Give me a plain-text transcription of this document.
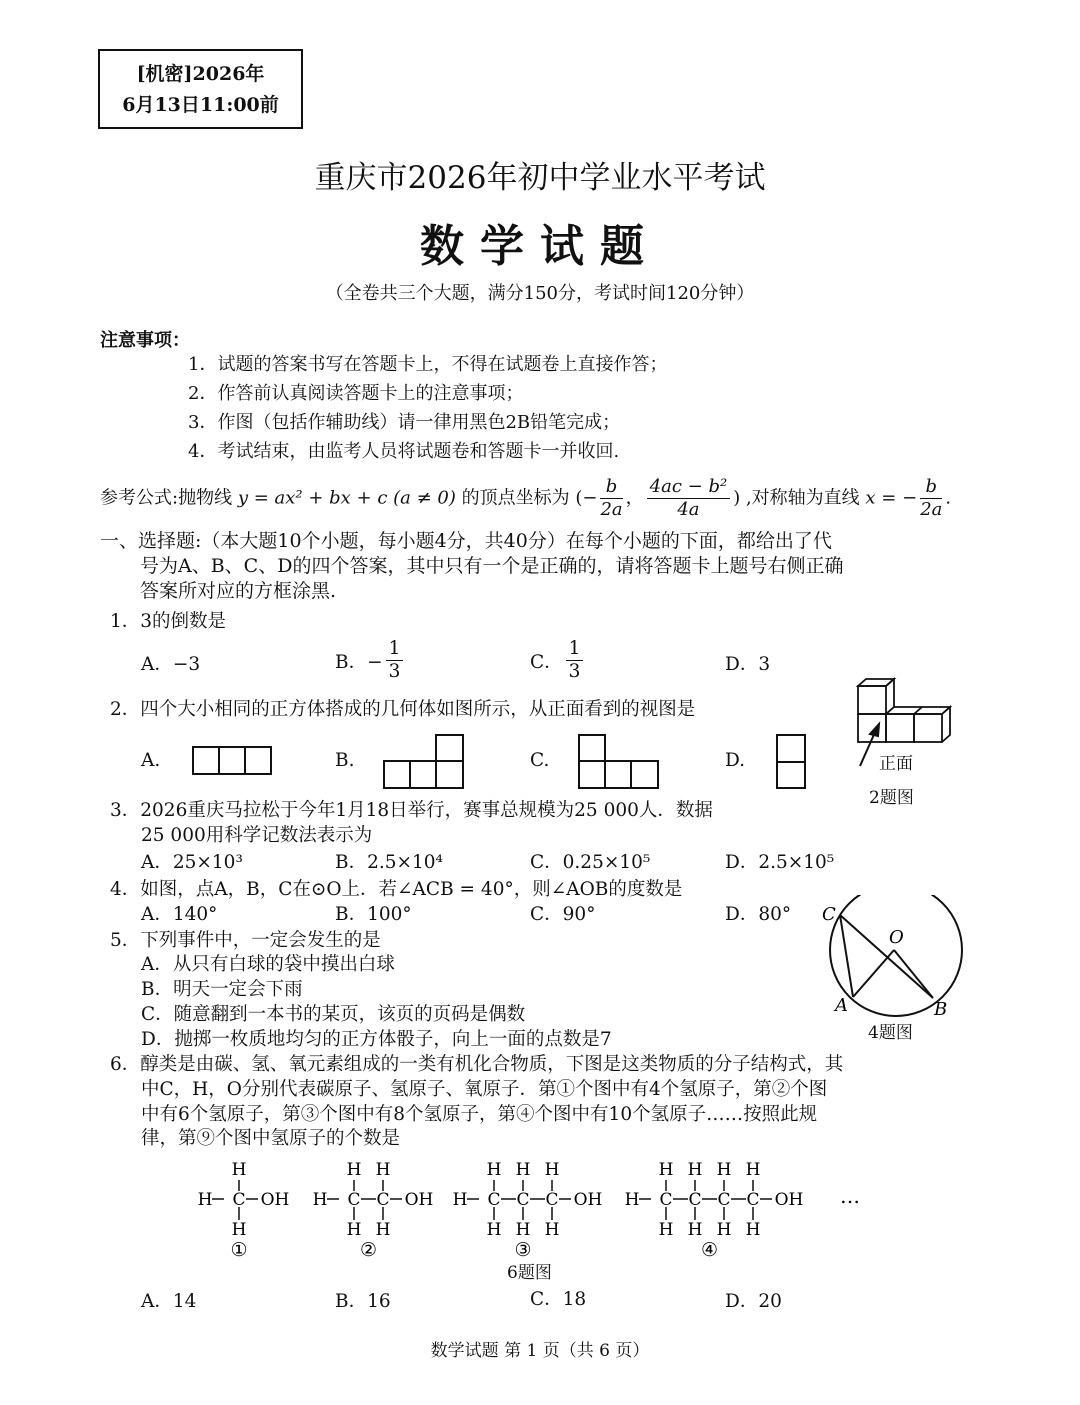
[机密]2026年
6月13日11:00前
重庆市2026年初中学业水平考试
数学试题
（全卷共三个大题，满分150分，考试时间120分钟）
注意事项：
1．试题的答案书写在答题卡上，不得在试题卷上直接作答；
2．作答前认真阅读答题卡上的注意事项；
3．作图（包括作辅助线）请一律用黑色2B铅笔完成；
4．考试结束，由监考人员将试题卷和答题卡一并收回.
参考公式:抛物线 y = ax² + bx + c (a ≠ 0) 的顶点坐标为 (− $\frac{b}{2a}$ ， $\frac{\text{4ac − b²}}{4a}$ ) ,对称轴为直线 x = − $\frac{b}{2a}$ .
一、选择题:（本大题10个小题，每小题4分，共40分）在每个小题的下面，都给出了代
号为A、B、C、D的四个答案，其中只有一个是正确的，请将答题卡上题号右侧正确
答案所对应的方框涂黑.
1．3的倒数是
A．−3	B．− $\frac{1}{3}$	C． $\frac{1}{3}$	D．3
2．四个大小相同的正方体搭成的几何体如图所示，从正面看到的视图是
A.	B.	C.	D.	正面
2题图
3．2026重庆马拉松于今年1月18日举行，赛事总规模为25 000人．数据
25 000用科学记数法表示为
A．25×10³	B．2.5×10⁴	C．0.25×10⁵	D．2.5×10⁵
4．如图，点A，B，C在⊙O上．若∠ACB = 40°，则∠AOB的度数是
A．140°	B．100°	C．90°	D．80° C
O
A	B
4题图
5．下列事件中，一定会发生的是
A．从只有白球的袋中摸出白球
B．明天一定会下雨
C．随意翻到一本书的某页，该页的页码是偶数
D．抛掷一枚质地均匀的正方体骰子，向上一面的点数是7
6．醇类是由碳、氢、氧元素组成的一类有机化合物质，下图是这类物质的分子结构式，其
中C，H，O分别代表碳原子、氢原子、氧原子．第①个图中有4个氢原子，第②个图
中有6个氢原子，第③个图中有8个氢原子，第④个图中有10个氢原子……按照此规
律，第⑨个图中氢原子的个数是
H C
H
H
OH
①
H C
H
H
C
H
H
OH
②
H C
H
H
C
H
H
C
H
H
OH
③
H C
H
H
C
H
H
C
H
H
C
H
H
OH
④
…
6题图
A．14	B．16	C．18	D．20
数学试题 第 1 页（共 6 页）
